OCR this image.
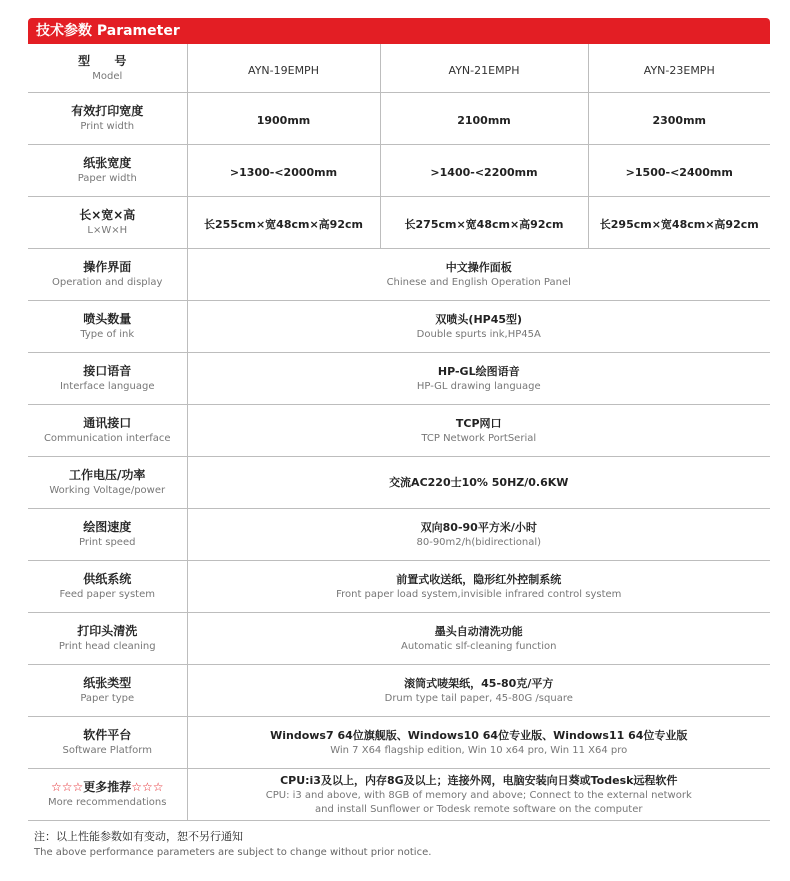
技术参数 Parameter
型 号
Model	AYN-19EMPH	AYN-21EMPH	AYN-23EMPH

有效打印宽度
Print width	1900mm	2100mm	2300mm

纸张宽度
Paper width	>1300-<2000mm	>1400-<2200mm	>1500-<2400mm

长×宽×高
L×W×H	长255cm×宽48cm×高92cm	长275cm×宽48cm×高92cm	长295cm×宽48cm×高92cm

操作界面
Operation and display	中文操作面板
Chinese and English Operation Panel		

喷头数量
Type of ink	双喷头(HP45型)
Double spurts ink,HP45A		

接口语音
Interface language	HP-GL绘图语音
HP-GL drawing language		

通讯接口
Communication interface	TCP网口
TCP Network PortSerial		

工作电压/功率
Working Voltage/power	交流AC220士10% 50HZ/0.6KW		

绘图速度
Print speed	双向80-90平方米/小时
80-90m2/h(bidirectional)		

供纸系统
Feed paper system	前置式收送纸，隐形红外控制系统
Front paper load system,invisible infrared control system		

打印头清洗
Print head cleaning	墨头自动清洗功能
Automatic slf-cleaning function		

纸张类型
Paper type	滚筒式唛架纸，45-80克/平方
Drum type tail paper, 45-80G /square		

软件平台
Software Platform	Windows7 64位旗舰版、Windows10 64位专业版、Windows11 64位专业版
Win 7 X64 flagship edition, Win 10 x64 pro, Win 11 X64 pro		

☆☆☆更多推荐☆☆☆
More recommendations	CPU:i3及以上，内存8G及以上；连接外网，电脑安装向日葵或Todesk远程软件
CPU: i3 and above, with 8GB of memory and above; Connect to the external network
and install Sunflower or Todesk remote software on the computer		
注：以上性能参数如有变动，恕不另行通知
The above performance parameters are subject to change without prior notice.
